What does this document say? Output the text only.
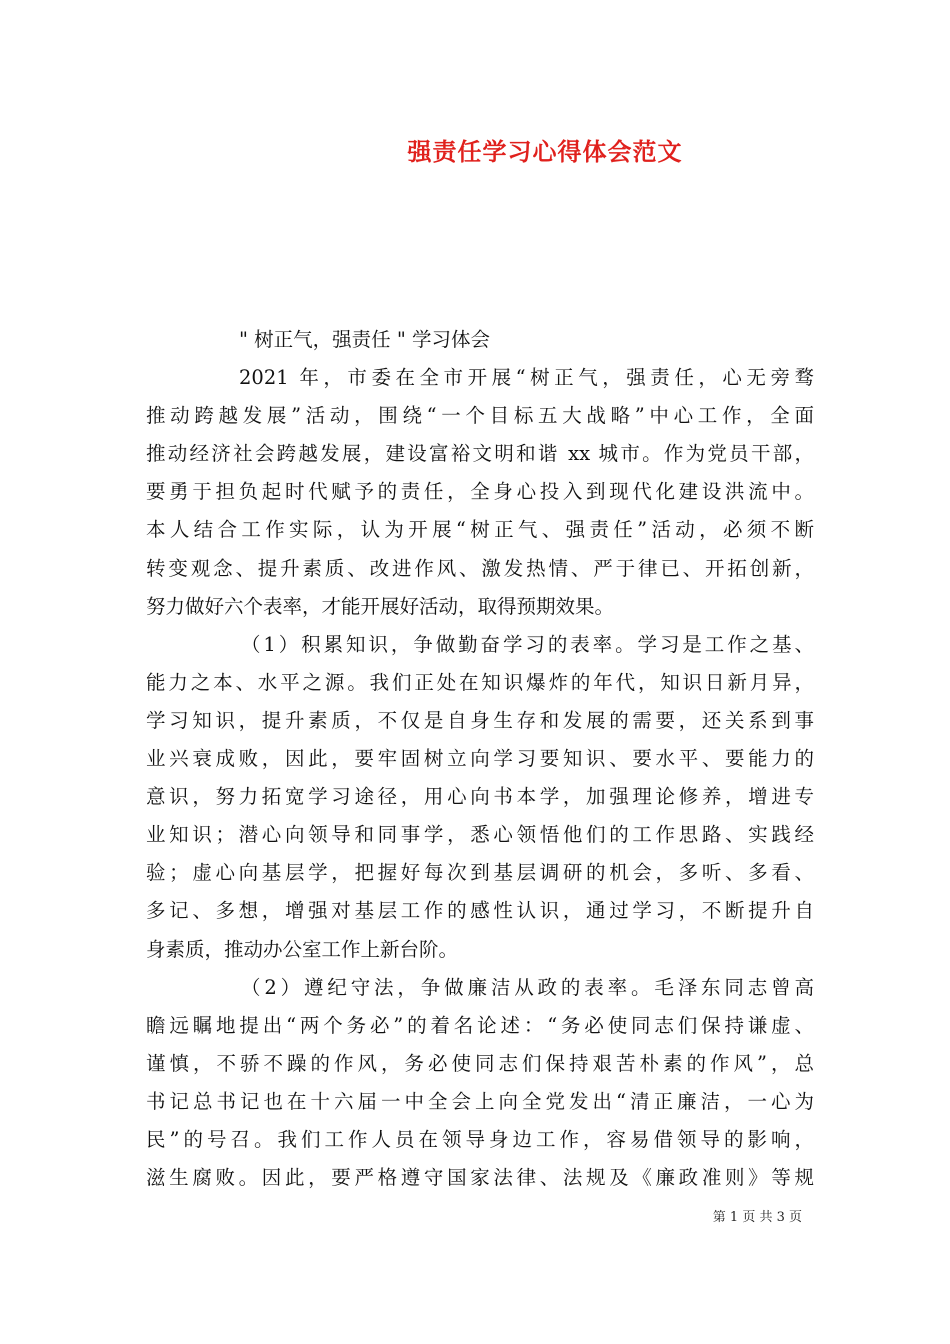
强责任学习心得体会范文
" 树正气，强责任 " 学习体会
2021 年，市委在全市开展“树正气，强责任，心无旁骛
推动跨越发展”活动，围绕“一个目标五大战略”中心工作，全面
推动经济社会跨越发展，建设富裕文明和谐 xx 城市。作为党员干部，
要勇于担负起时代赋予的责任，全身心投入到现代化建设洪流中。
本人结合工作实际，认为开展“树正气、强责任”活动，必须不断
转变观念、提升素质、改进作风、激发热情、严于律已、开拓创新，
努力做好六个表率，才能开展好活动，取得预期效果。
（1）积累知识，争做勤奋学习的表率。学习是工作之基、
能力之本、水平之源。我们正处在知识爆炸的年代，知识日新月异，
学习知识，提升素质，不仅是自身生存和发展的需要，还关系到事
业兴衰成败，因此，要牢固树立向学习要知识、要水平、要能力的
意识，努力拓宽学习途径，用心向书本学，加强理论修养，增进专
业知识；潜心向领导和同事学，悉心领悟他们的工作思路、实践经
验；虚心向基层学，把握好每次到基层调研的机会，多听、多看、
多记、多想，增强对基层工作的感性认识，通过学习，不断提升自
身素质，推动办公室工作上新台阶。
（2）遵纪守法，争做廉洁从政的表率。毛泽东同志曾高
瞻远瞩地提出“两个务必”的着名论述：“务必使同志们保持谦虚、
谨慎，不骄不躁的作风，务必使同志们保持艰苦朴素的作风”，总
书记总书记也在十六届一中全会上向全党发出“清正廉洁，一心为
民”的号召。我们工作人员在领导身边工作，容易借领导的影响，
滋生腐败。因此，要严格遵守国家法律、法规及《廉政准则》等规
第 1 页 共 3 页
